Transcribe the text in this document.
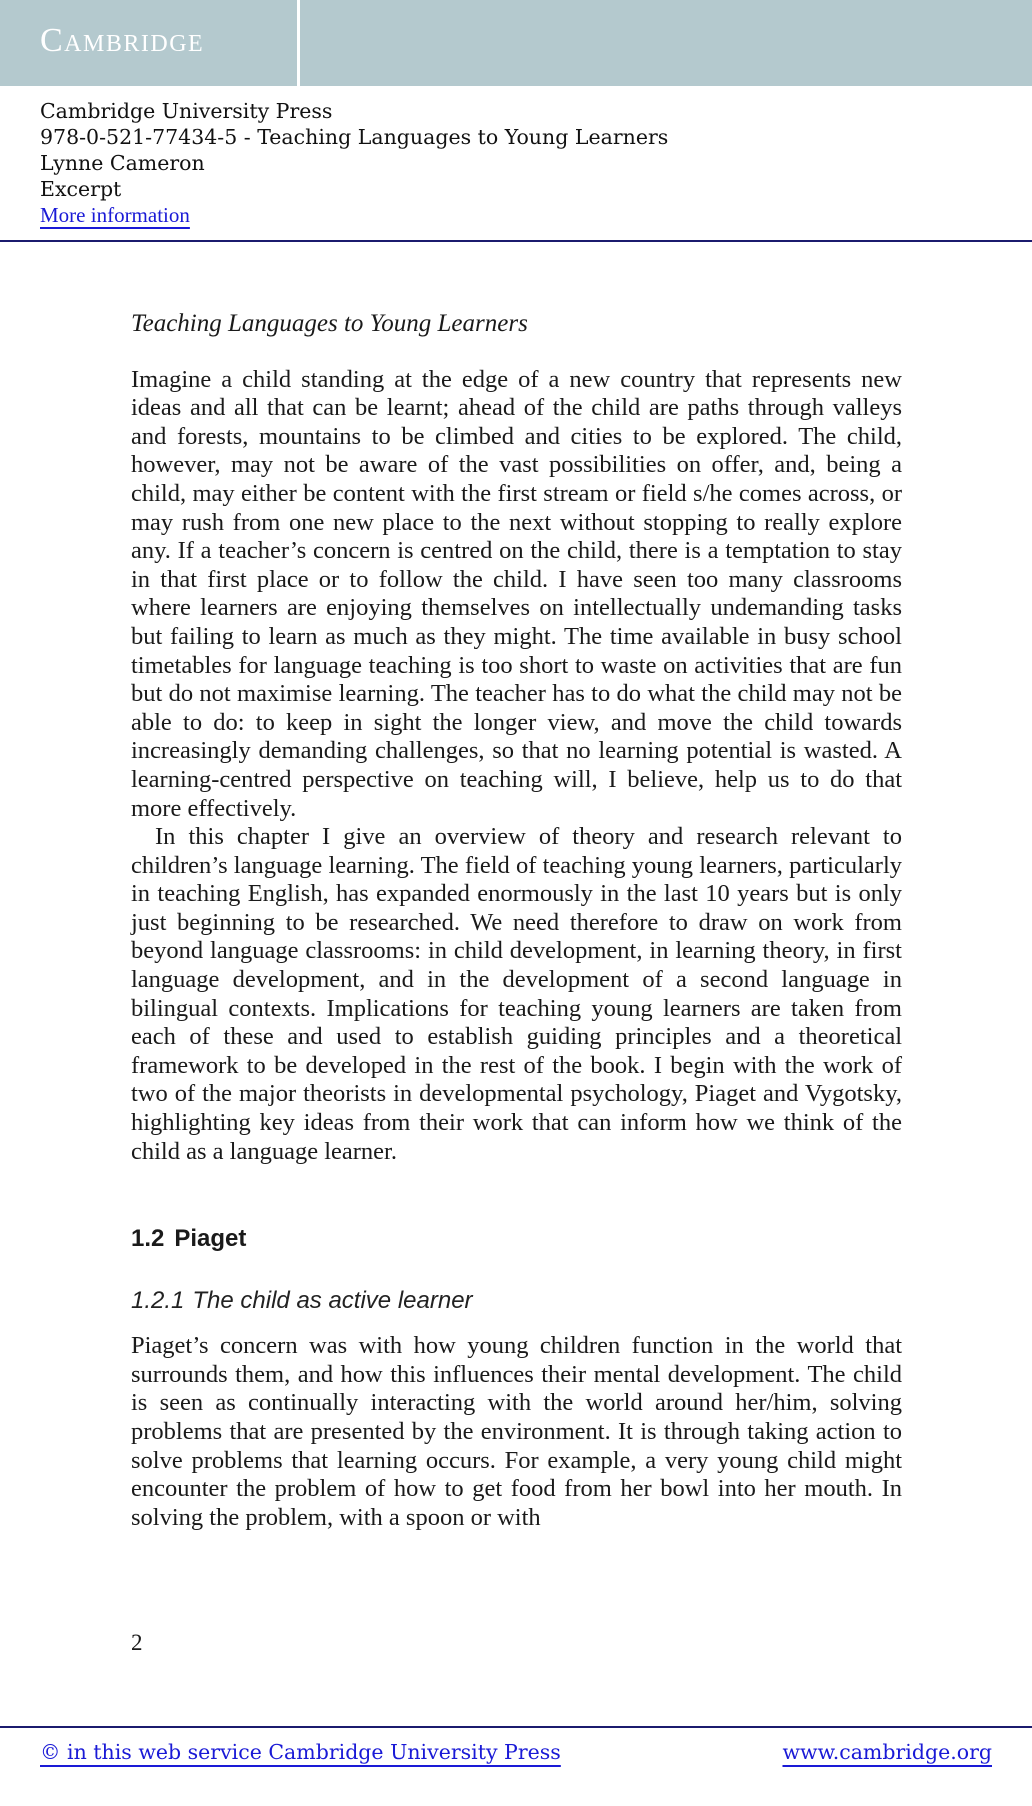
Cambridge
Cambridge University Press
978-0-521-77434-5 - Teaching Languages to Young Learners
Lynne Cameron
Excerpt
More information
Teaching Languages to Young Learners

Imagine a child standing at the edge of a new country that represents new ideas and all that can be learnt; ahead of the child are paths through valleys and forests, mountains to be climbed and cities to be explored. The child, however, may not be aware of the vast possibilities on offer, and, being a child, may either be content with the first stream or field s/he comes across, or may rush from one new place to the next without stopping to really explore any. If a teacher’s concern is centred on the child, there is a temptation to stay in that first place or to follow the child. I have seen too many classrooms where learners are enjoying themselves on intellectually undemanding tasks but failing to learn as much as they might. The time available in busy school timetables for language teaching is too short to waste on activities that are fun but do not maximise learning. The teacher has to do what the child may not be able to do: to keep in sight the longer view, and move the child towards increasingly demanding challenges, so that no learning potential is wasted. A learning-centred perspective on teaching will, I believe, help us to do that more effectively.

In this chapter I give an overview of theory and research relevant to children’s language learning. The field of teaching young learners, particularly in teaching English, has expanded enormously in the last 10 years but is only just beginning to be researched. We need therefore to draw on work from beyond language classrooms: in child development, in learning theory, in first language development, and in the development of a second language in bilingual contexts. Implications for teaching young learners are taken from each of these and used to establish guiding principles and a theoretical framework to be developed in the rest of the book. I begin with the work of two of the major theorists in developmental psychology, Piaget and Vygotsky, highlighting key ideas from their work that can inform how we think of the child as a language learner.

1.2 Piaget
1.2.1 The child as active learner

Piaget’s concern was with how young children function in the world that surrounds them, and how this influences their mental development. The child is seen as continually interacting with the world around her/him, solving problems that are presented by the environment. It is through taking action to solve problems that learning occurs. For example, a very young child might encounter the problem of how to get food from her bowl into her mouth. In solving the problem, with a spoon or with

2
© in this web service Cambridge University Press	www.cambridge.org
